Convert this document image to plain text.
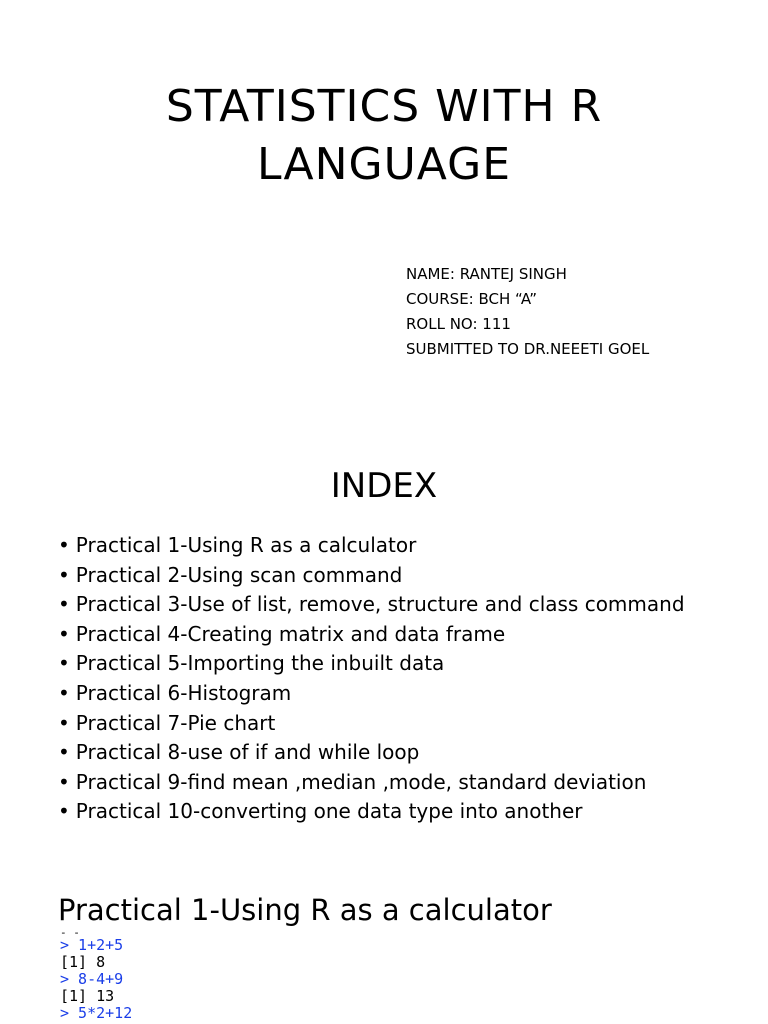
STATISTICS WITH R
LANGUAGE
NAME: RANTEJ SINGH
COURSE: BCH “A”
ROLL NO: 111
SUBMITTED TO DR.NEEETI GOEL
INDEX
• Practical 1-Using R as a calculator
• Practical 2-Using scan command
• Practical 3-Use of list, remove, structure and class command
• Practical 4-Creating matrix and data frame
• Practical 5-Importing the inbuilt data
• Practical 6-Histogram
• Practical 7-Pie chart
• Practical 8-use of if and while loop
• Practical 9-find mean ,median ,mode, standard deviation
• Practical 10-converting one data type into another
Practical 1-Using R as a calculator
- -
> 1+2+5
[1] 8
> 8-4+9
[1] 13
> 5*2+12
